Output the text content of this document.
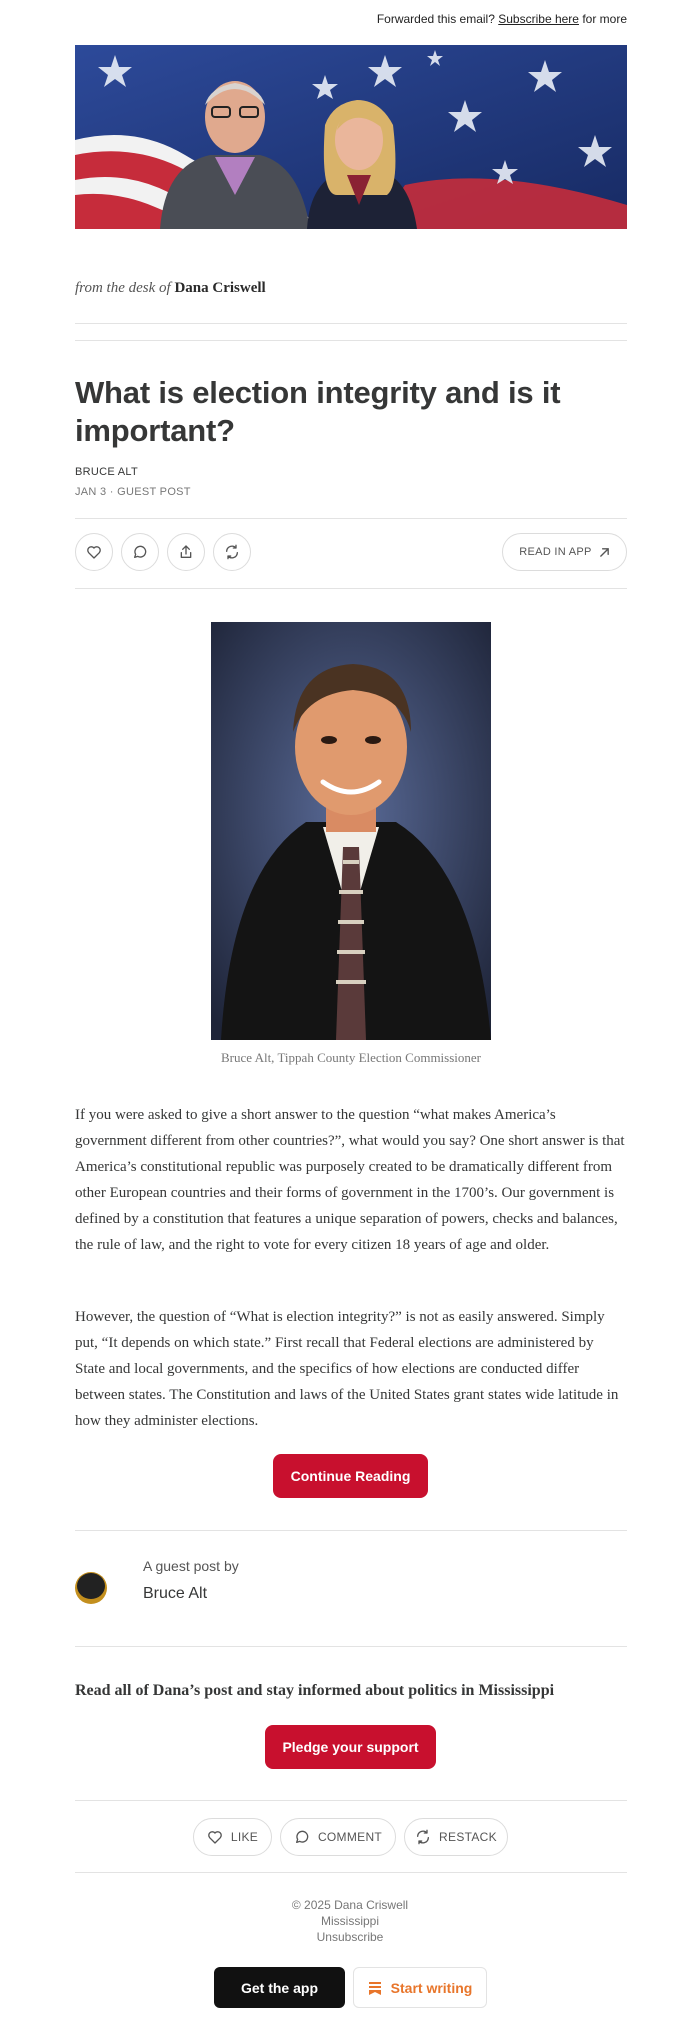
Forwarded this email? Subscribe here for more
from the desk of Dana Criswell
What is election integrity and is it important?
BRUCE ALT
JAN 3 · GUEST POST
READ IN APP
Bruce Alt, Tippah County Election Commissioner

If you were asked to give a short answer to the question “what makes America’s government different from other countries?”, what would you say? One short answer is that America’s constitutional republic was purposely created to be dramatically different from other European countries and their forms of government in the 1700’s. Our government is defined by a constitution that features a unique separation of powers, checks and balances, the rule of law, and the right to vote for every citizen 18 years of age and older.

However, the question of “What is election integrity?” is not as easily answered. Simply put, “It depends on which state.” First recall that Federal elections are administered by State and local governments, and the specifics of how elections are conducted differ between states. The Constitution and laws of the United States grant states wide latitude in how they administer elections.

Continue Reading
A guest post by
Bruce Alt
Read all of Dana’s post and stay informed about politics in Mississippi
Pledge your support
LIKE	COMMENT	RESTACK
© 2025 Dana Criswell
Mississippi
Unsubscribe
Get the app	Start writing
